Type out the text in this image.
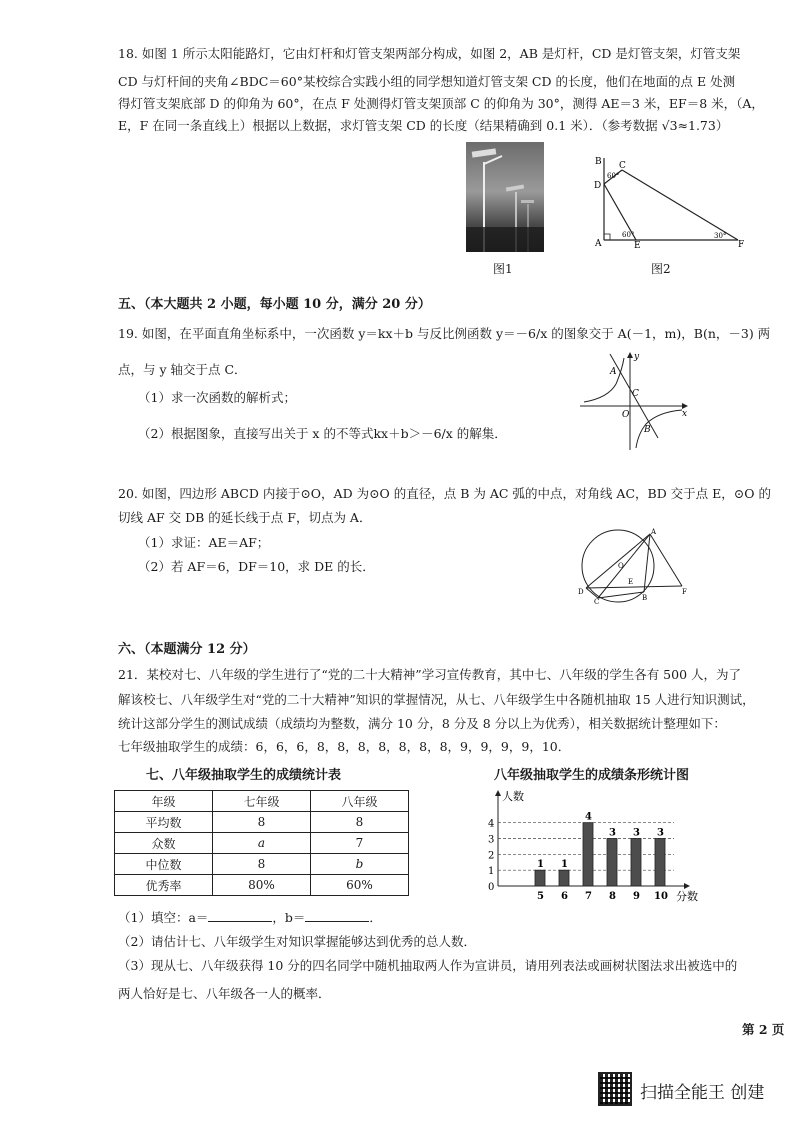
18. 如图 1 所示太阳能路灯，它由灯杆和灯管支架两部分构成，如图 2，AB 是灯杆，CD 是灯管支架，灯管支架
CD 与灯杆间的夹角∠BDC＝60°某校综合实践小组的同学想知道灯管支架 CD 的长度，他们在地面的点 E 处测
得灯管支架底部 D 的仰角为 60°，在点 F 处测得灯管支架顶部 C 的仰角为 30°，测得 AE＝3 米，EF＝8 米，（A，
E，F 在同一条直线上）根据以上数据，求灯管支架 CD 的长度（结果精确到 0.1 米）．（参考数据 √3≈1.73）
图1
B C
D
A	E	F
60°
60°	30°
图2
五、（本大题共 2 小题，每小题 10 分，满分 20 分）
19. 如图，在平面直角坐标系中，一次函数 y＝kx＋b 与反比例函数 y＝－6/x 的图象交于 A(－1，m)，B(n，－3) 两
点，与 y 轴交于点 C．
（1）求一次函数的解析式；
（2）根据图象，直接写出关于 x 的不等式kx＋b＞－6/x 的解集．
A
C
O
B
x
y
20. 如图，四边形 ABCD 内接于⊙O，AD 为⊙O 的直径，点 B 为 AC 弧的中点，对角线 AC，BD 交于点 E，⊙O 的
切线 AF 交 DB 的延长线于点 F，切点为 A．
（1）求证：AE＝AF；
（2）若 AF＝6，DF＝10，求 DE 的长．
A
D
C	B
E
F
O
六、（本题满分 12 分）
21．某校对七、八年级的学生进行了“党的二十大精神”学习宣传教育，其中七、八年级的学生各有 500 人，为了
解该校七、八年级学生对“党的二十大精神”知识的掌握情况，从七、八年级学生中各随机抽取 15 人进行知识测试，
统计这部分学生的测试成绩（成绩均为整数，满分 10 分，8 分及 8 分以上为优秀），相关数据统计整理如下：
七年级抽取学生的成绩：6，6，6，8，8，8，8，8，8，8，9，9，9，9，10．
七、八年级抽取学生的成绩统计表
年级	七年级	八年级
平均数	8	8
众数	a	7
中位数	8	b
优秀率	80%	60%
八年级抽取学生的成绩条形统计图
人数
分数
0
1
2
3
4
1
5
1
6
4
7
3
8
3
9
3
10
（1）填空：a＝	，b＝	．
（2）请估计七、八年级学生对知识掌握能够达到优秀的总人数．
（3）现从七、八年级获得 10 分的四名同学中随机抽取两人作为宣讲员，请用列表法或画树状图法求出被选中的
两人恰好是七、八年级各一人的概率．
第 2 页
扫描全能王 创建
